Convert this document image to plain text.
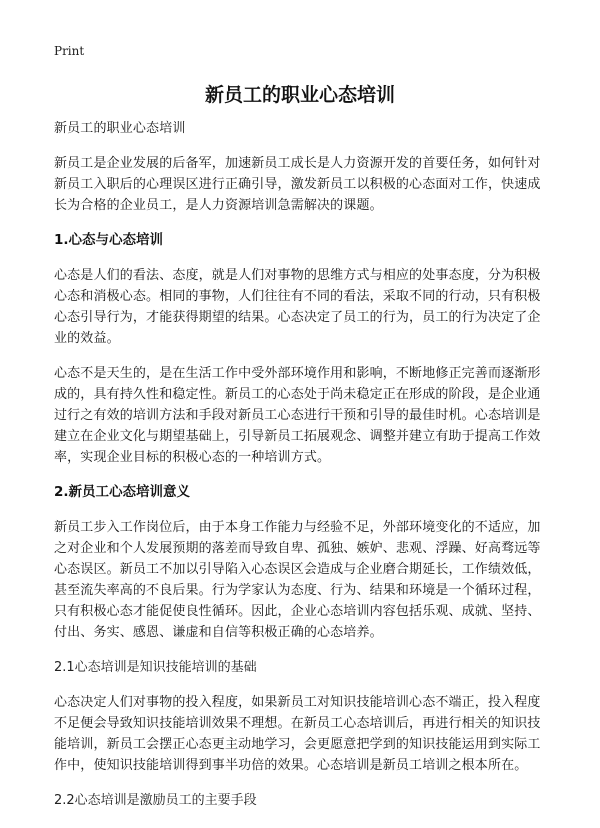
Print
新员工的职业心态培训

新员工的职业心态培训

新员工是企业发展的后备军，加速新员工成长是人力资源开发的首要任务，如何针对新员工入职后的心理误区进行正确引导，激发新员工以积极的心态面对工作，快速成长为合格的企业员工，是人力资源培训急需解决的课题。

1.心态与心态培训

心态是人们的看法、态度，就是人们对事物的思维方式与相应的处事态度，分为积极心态和消极心态。相同的事物，人们往往有不同的看法，采取不同的行动，只有积极心态引导行为，才能获得期望的结果。心态决定了员工的行为，员工的行为决定了企业的效益。

心态不是天生的，是在生活工作中受外部环境作用和影响，不断地修正完善而逐渐形成的，具有持久性和稳定性。新员工的心态处于尚未稳定正在形成的阶段，是企业通过行之有效的培训方法和手段对新员工心态进行干预和引导的最佳时机。心态培训是建立在企业文化与期望基础上，引导新员工拓展观念、调整并建立有助于提高工作效率，实现企业目标的积极心态的一种培训方式。

2.新员工心态培训意义

新员工步入工作岗位后，由于本身工作能力与经验不足，外部环境变化的不适应，加之对企业和个人发展预期的落差而导致自卑、孤独、嫉妒、悲观、浮躁、好高骛远等心态误区。新员工不加以引导陷入心态误区会造成与企业磨合期延长，工作绩效低，甚至流失率高的不良后果。行为学家认为态度、行为、结果和环境是一个循环过程，只有积极心态才能促使良性循环。因此，企业心态培训内容包括乐观、成就、坚持、付出、务实、感恩、谦虚和自信等积极正确的心态培养。

2.1心态培训是知识技能培训的基础

心态决定人们对事物的投入程度，如果新员工对知识技能培训心态不端正，投入程度不足便会导致知识技能培训效果不理想。在新员工心态培训后，再进行相关的知识技能培训，新员工会摆正心态更主动地学习，会更愿意把学到的知识技能运用到实际工作中，使知识技能培训得到事半功倍的效果。心态培训是新员工培训之根本所在。

2.2心态培训是激励员工的主要手段
